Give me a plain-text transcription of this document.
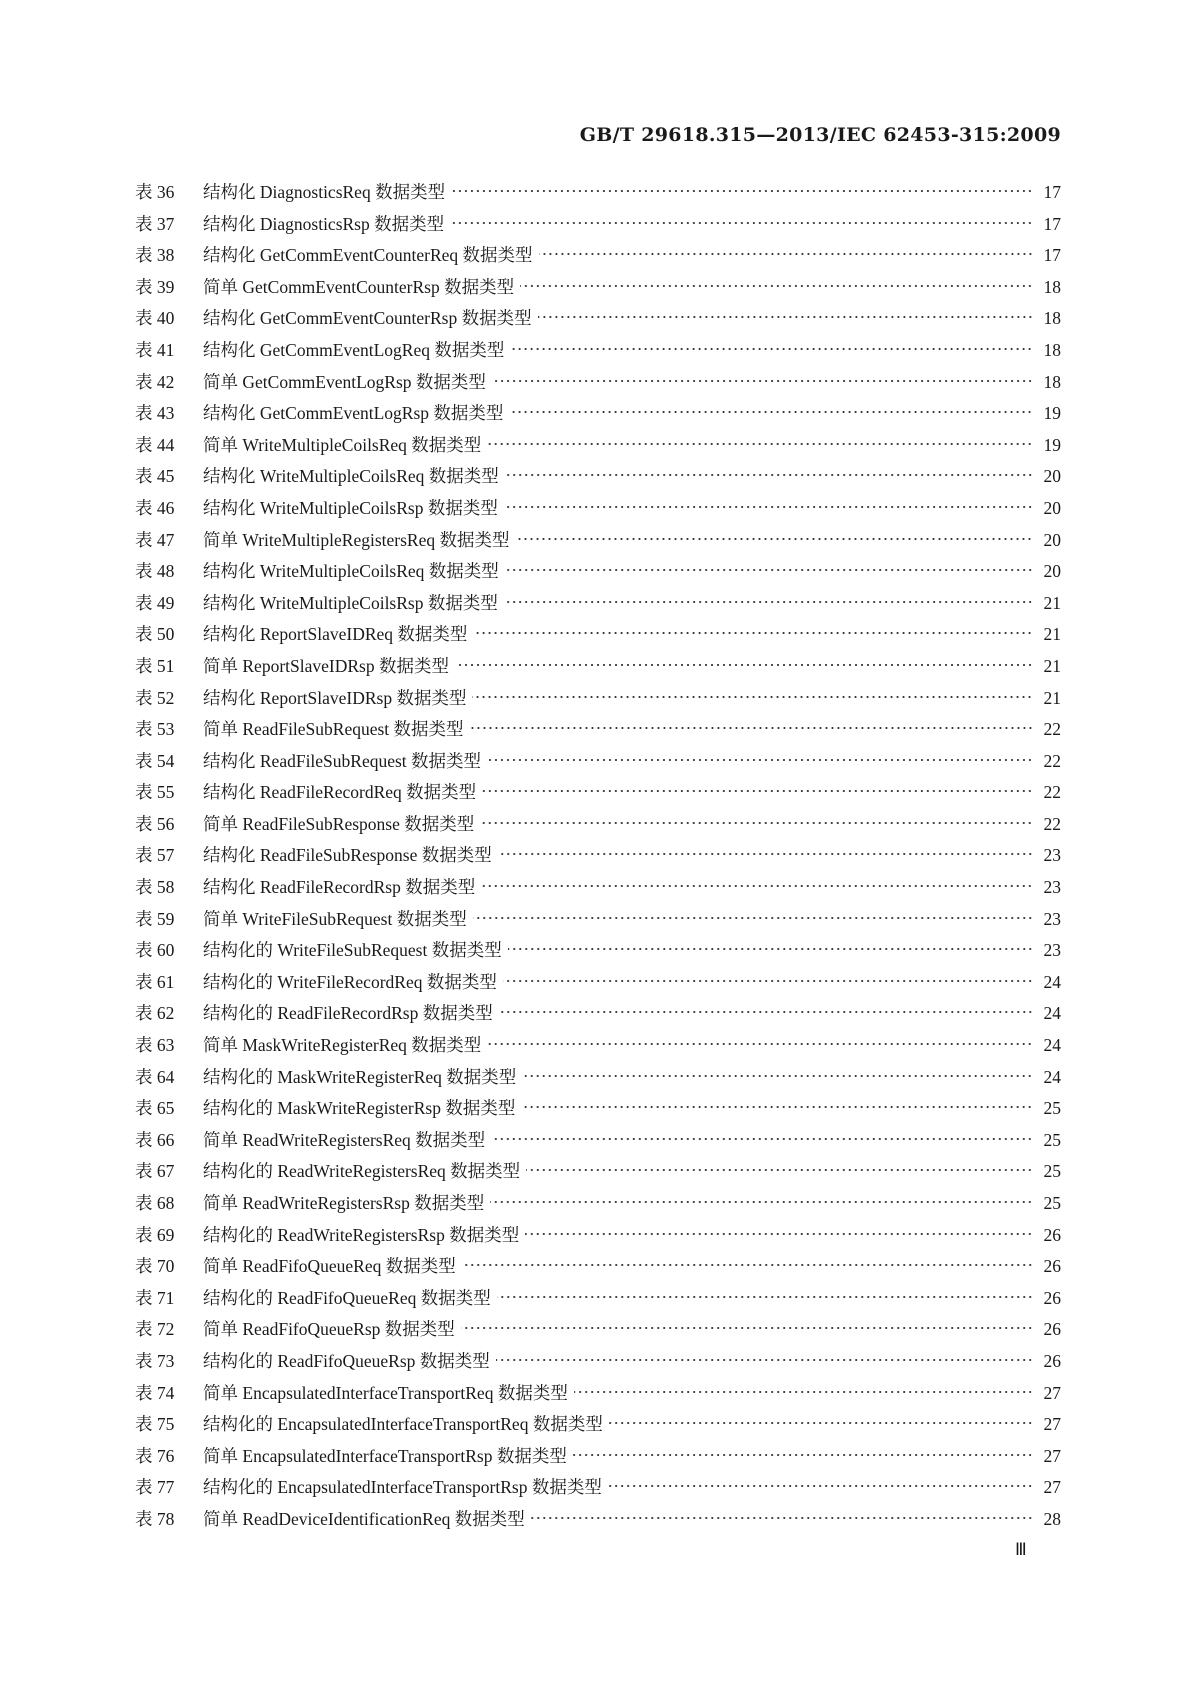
GB/T 29618.315—2013/IEC 62453-315:2009
表 36	结构化 DiagnosticsReq 数据类型	17
表 37	结构化 DiagnosticsRsp 数据类型	17
表 38	结构化 GetCommEventCounterReq 数据类型	17
表 39	简单 GetCommEventCounterRsp 数据类型	18
表 40	结构化 GetCommEventCounterRsp 数据类型	18
表 41	结构化 GetCommEventLogReq 数据类型	18
表 42	简单 GetCommEventLogRsp 数据类型	18
表 43	结构化 GetCommEventLogRsp 数据类型	19
表 44	简单 WriteMultipleCoilsReq 数据类型	19
表 45	结构化 WriteMultipleCoilsReq 数据类型	20
表 46	结构化 WriteMultipleCoilsRsp 数据类型	20
表 47	简单 WriteMultipleRegistersReq 数据类型	20
表 48	结构化 WriteMultipleCoilsReq 数据类型	20
表 49	结构化 WriteMultipleCoilsRsp 数据类型	21
表 50	结构化 ReportSlaveIDReq 数据类型	21
表 51	简单 ReportSlaveIDRsp 数据类型	21
表 52	结构化 ReportSlaveIDRsp 数据类型	21
表 53	简单 ReadFileSubRequest 数据类型	22
表 54	结构化 ReadFileSubRequest 数据类型	22
表 55	结构化 ReadFileRecordReq 数据类型	22
表 56	简单 ReadFileSubResponse 数据类型	22
表 57	结构化 ReadFileSubResponse 数据类型	23
表 58	结构化 ReadFileRecordRsp 数据类型	23
表 59	简单 WriteFileSubRequest 数据类型	23
表 60	结构化的 WriteFileSubRequest 数据类型	23
表 61	结构化的 WriteFileRecordReq 数据类型	24
表 62	结构化的 ReadFileRecordRsp 数据类型	24
表 63	简单 MaskWriteRegisterReq 数据类型	24
表 64	结构化的 MaskWriteRegisterReq 数据类型	24
表 65	结构化的 MaskWriteRegisterRsp 数据类型	25
表 66	简单 ReadWriteRegistersReq 数据类型	25
表 67	结构化的 ReadWriteRegistersReq 数据类型	25
表 68	简单 ReadWriteRegistersRsp 数据类型	25
表 69	结构化的 ReadWriteRegistersRsp 数据类型	26
表 70	简单 ReadFifoQueueReq 数据类型	26
表 71	结构化的 ReadFifoQueueReq 数据类型	26
表 72	简单 ReadFifoQueueRsp 数据类型	26
表 73	结构化的 ReadFifoQueueRsp 数据类型	26
表 74	简单 EncapsulatedInterfaceTransportReq 数据类型	27
表 75	结构化的 EncapsulatedInterfaceTransportReq 数据类型	27
表 76	简单 EncapsulatedInterfaceTransportRsp 数据类型	27
表 77	结构化的 EncapsulatedInterfaceTransportRsp 数据类型	27
表 78	简单 ReadDeviceIdentificationReq 数据类型	28
Ⅲ
